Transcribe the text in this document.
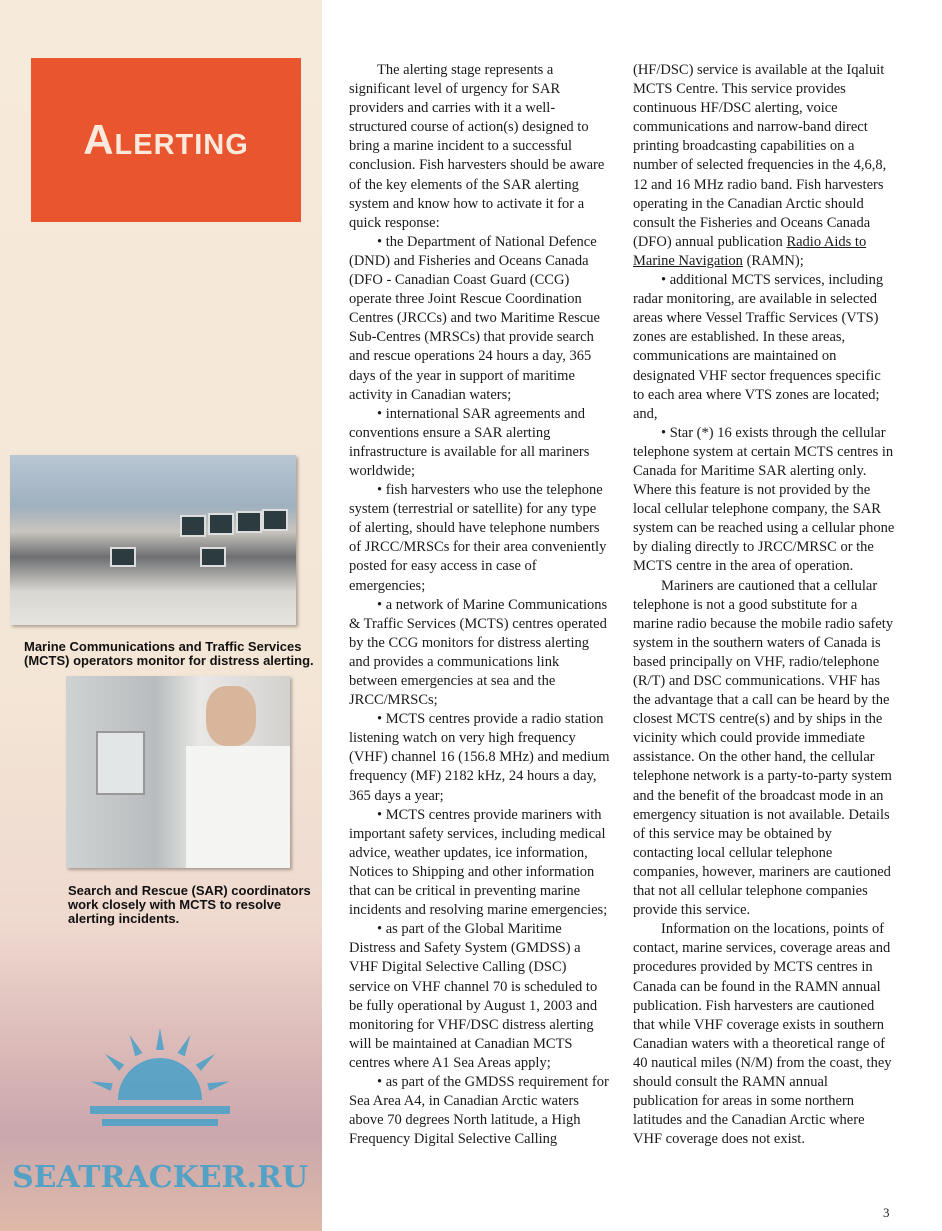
Alerting
Marine Communications and Traffic Services (MCTS) operators monitor for distress alerting.
Search and Rescue (SAR) coordinators work closely with MCTS to resolve alerting incidents.

The alerting stage represents a significant level of urgency for SAR providers and carries with it a well-structured course of action(s) designed to bring a marine incident to a successful conclusion. Fish harvesters should be aware of the key elements of the SAR alerting system and know how to activate it for a quick response:

• the Department of National Defence (DND) and Fisheries and Oceans Canada (DFO - Canadian Coast Guard (CCG) operate three Joint Rescue Coordination Centres (JRCCs) and two Maritime Rescue Sub-Centres (MRSCs) that provide search and rescue operations 24 hours a day, 365 days of the year in support of maritime activity in Canadian waters;

• international SAR agreements and conventions ensure a SAR alerting infrastructure is available for all mariners worldwide;

• fish harvesters who use the telephone system (terrestrial or satellite) for any type of alerting, should have telephone numbers of JRCC/MRSCs for their area conveniently posted for easy access in case of emergencies;

• a network of Marine Communications & Traffic Services (MCTS) centres operated by the CCG monitors for distress alerting and provides a communications link between emergencies at sea and the JRCC/MRSCs;

• MCTS centres provide a radio station listening watch on very high frequency (VHF) channel 16 (156.8 MHz) and medium frequency (MF) 2182 kHz, 24 hours a day, 365 days a year;

• MCTS centres provide mariners with important safety services, including medical advice, weather updates, ice information, Notices to Shipping and other information that can be critical in preventing marine incidents and resolving marine emergencies;

• as part of the Global Maritime Distress and Safety System (GMDSS) a VHF Digital Selective Calling (DSC) service on VHF channel 70 is scheduled to be fully operational by August 1, 2003 and monitoring for VHF/DSC distress alerting will be maintained at Canadian MCTS centres where A1 Sea Areas apply;

• as part of the GMDSS requirement for Sea Area A4, in Canadian Arctic waters above 70 degrees North latitude, a High Frequency Digital Selective Calling

(HF/DSC) service is available at the Iqaluit MCTS Centre. This service provides continuous HF/DSC alerting, voice communications and narrow-band direct printing broadcasting capabilities on a number of selected frequencies in the 4,6,8, 12 and 16 MHz radio band. Fish harvesters operating in the Canadian Arctic should consult the Fisheries and Oceans Canada (DFO) annual publication Radio Aids to Marine Navigation (RAMN);

• additional MCTS services, including radar monitoring, are available in selected areas where Vessel Traffic Services (VTS) zones are established. In these areas, communications are maintained on designated VHF sector frequences specific to each area where VTS zones are located; and,

• Star (*) 16 exists through the cellular telephone system at certain MCTS centres in Canada for Maritime SAR alerting only. Where this feature is not provided by the local cellular telephone company, the SAR system can be reached using a cellular phone by dialing directly to JRCC/MRSC or the MCTS centre in the area of operation.

Mariners are cautioned that a cellular telephone is not a good substitute for a marine radio because the mobile radio safety system in the southern waters of Canada is based principally on VHF, radio/telephone (R/T) and DSC communications. VHF has the advantage that a call can be heard by the closest MCTS centre(s) and by ships in the vicinity which could provide immediate assistance. On the other hand, the cellular telephone network is a party-to-party system and the benefit of the broadcast mode in an emergency situation is not available. Details of this service may be obtained by contacting local cellular telephone companies, however, mariners are cautioned that not all cellular telephone companies provide this service.

Information on the locations, points of contact, marine services, coverage areas and procedures provided by MCTS centres in Canada can be found in the RAMN annual publication. Fish harvesters are cautioned that while VHF coverage exists in southern Canadian waters with a theoretical range of 40 nautical miles (N/M) from the coast, they should consult the RAMN annual publication for areas in some northern latitudes and the Canadian Arctic where VHF coverage does not exist.

3
SEATRACKER.RU
